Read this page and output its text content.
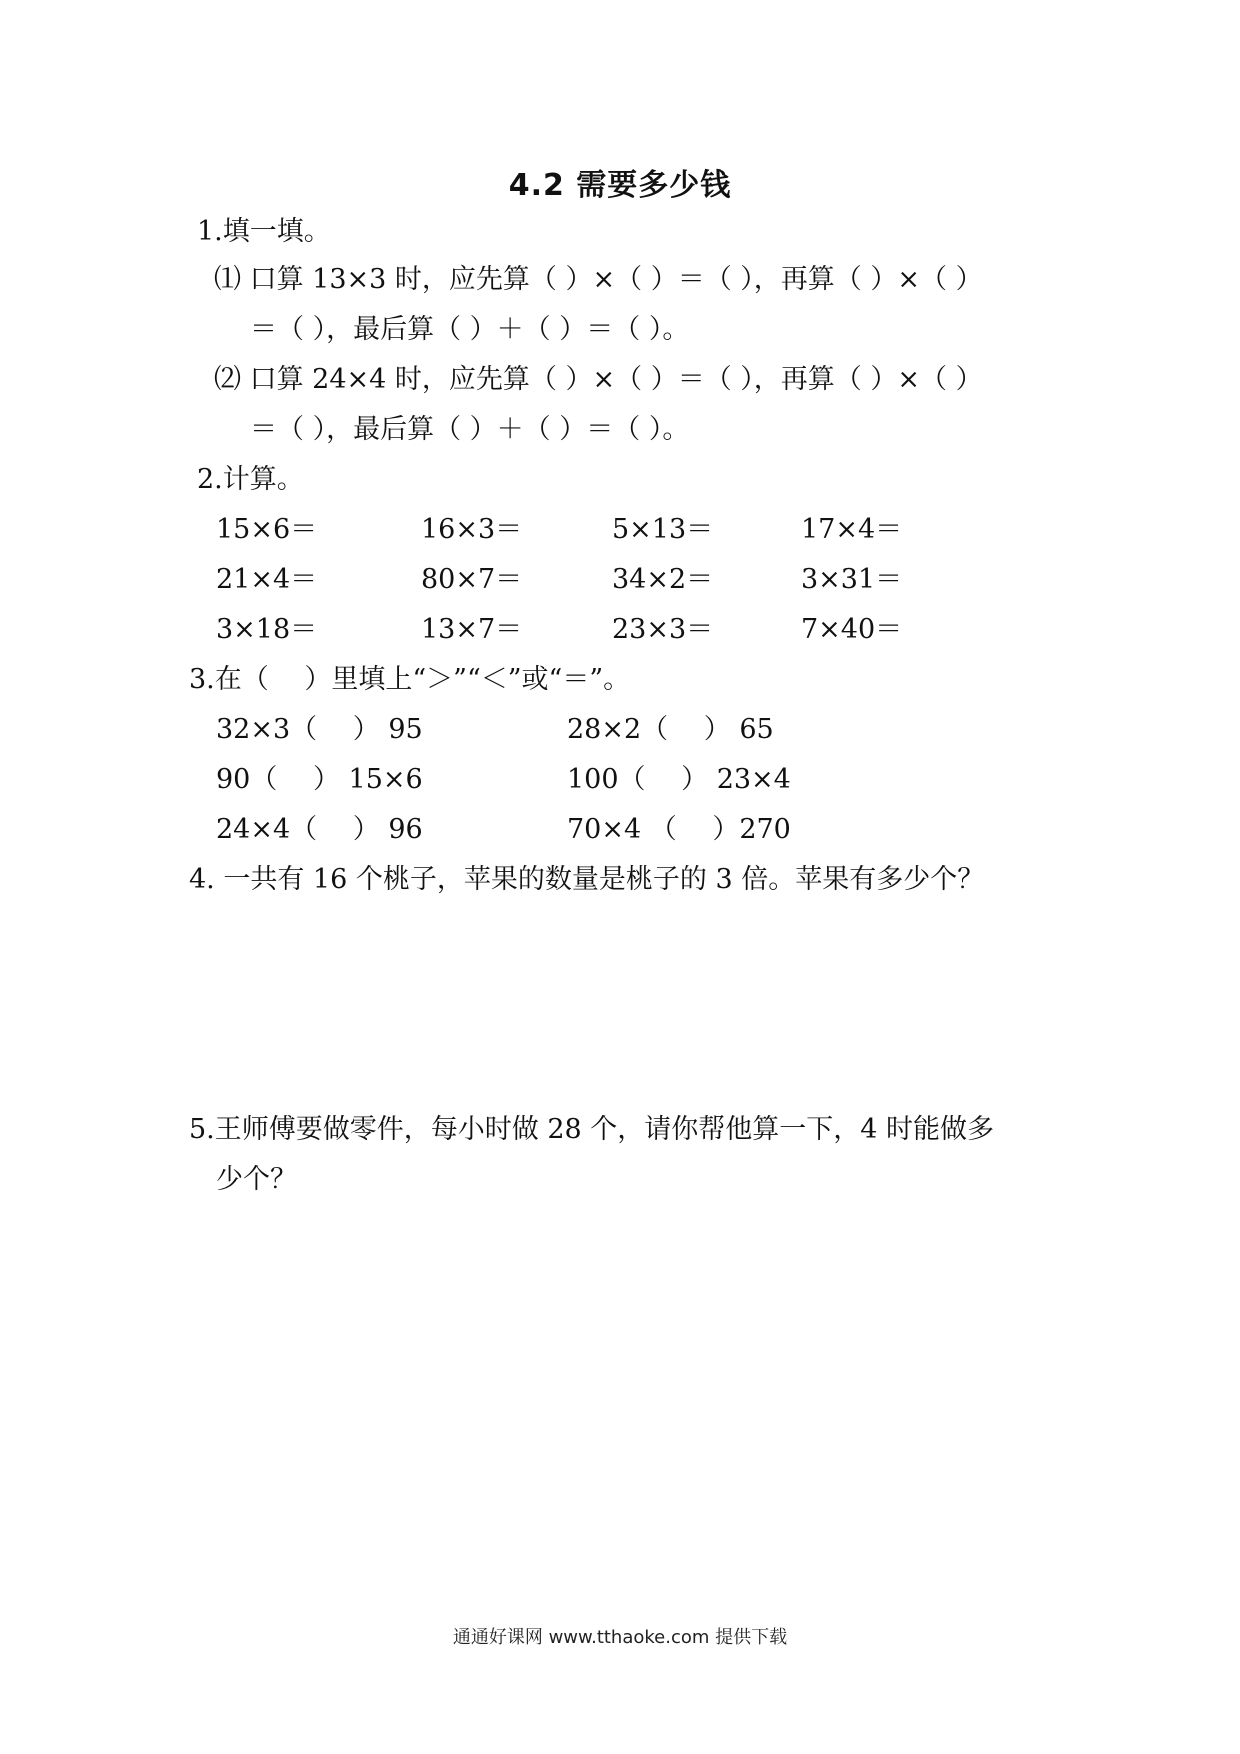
4.2 需要多少钱
1.填一填。
⑴ 口算 13×3 时，应先算（ ）×（ ）＝（ ），再算（ ）×（ ）
＝（ ），最后算（ ）＋（ ）＝（ ）。
⑵ 口算 24×4 时，应先算（ ）×（ ）＝（ ），再算（ ）×（ ）
＝（ ），最后算（ ）＋（ ）＝（ ）。
2.计算。
15×6＝	16×3＝	5×13＝	17×4＝
21×4＝	80×7＝	34×2＝	3×31＝
3×18＝	13×7＝	23×3＝	7×40＝
3.在（　 ）里填上“＞”“＜”或“＝”。
32×3（　 ） 95	28×2（　 ） 65
90（　 ） 15×6	100（　 ） 23×4
24×4（　 ） 96	70×4 （　 ）270
4. 一共有 16 个桃子，苹果的数量是桃子的 3 倍。苹果有多少个？
5.王师傅要做零件，每小时做 28 个，请你帮他算一下，4 时能做多
少个？
通通好课网 www.tthaoke.com 提供下载
